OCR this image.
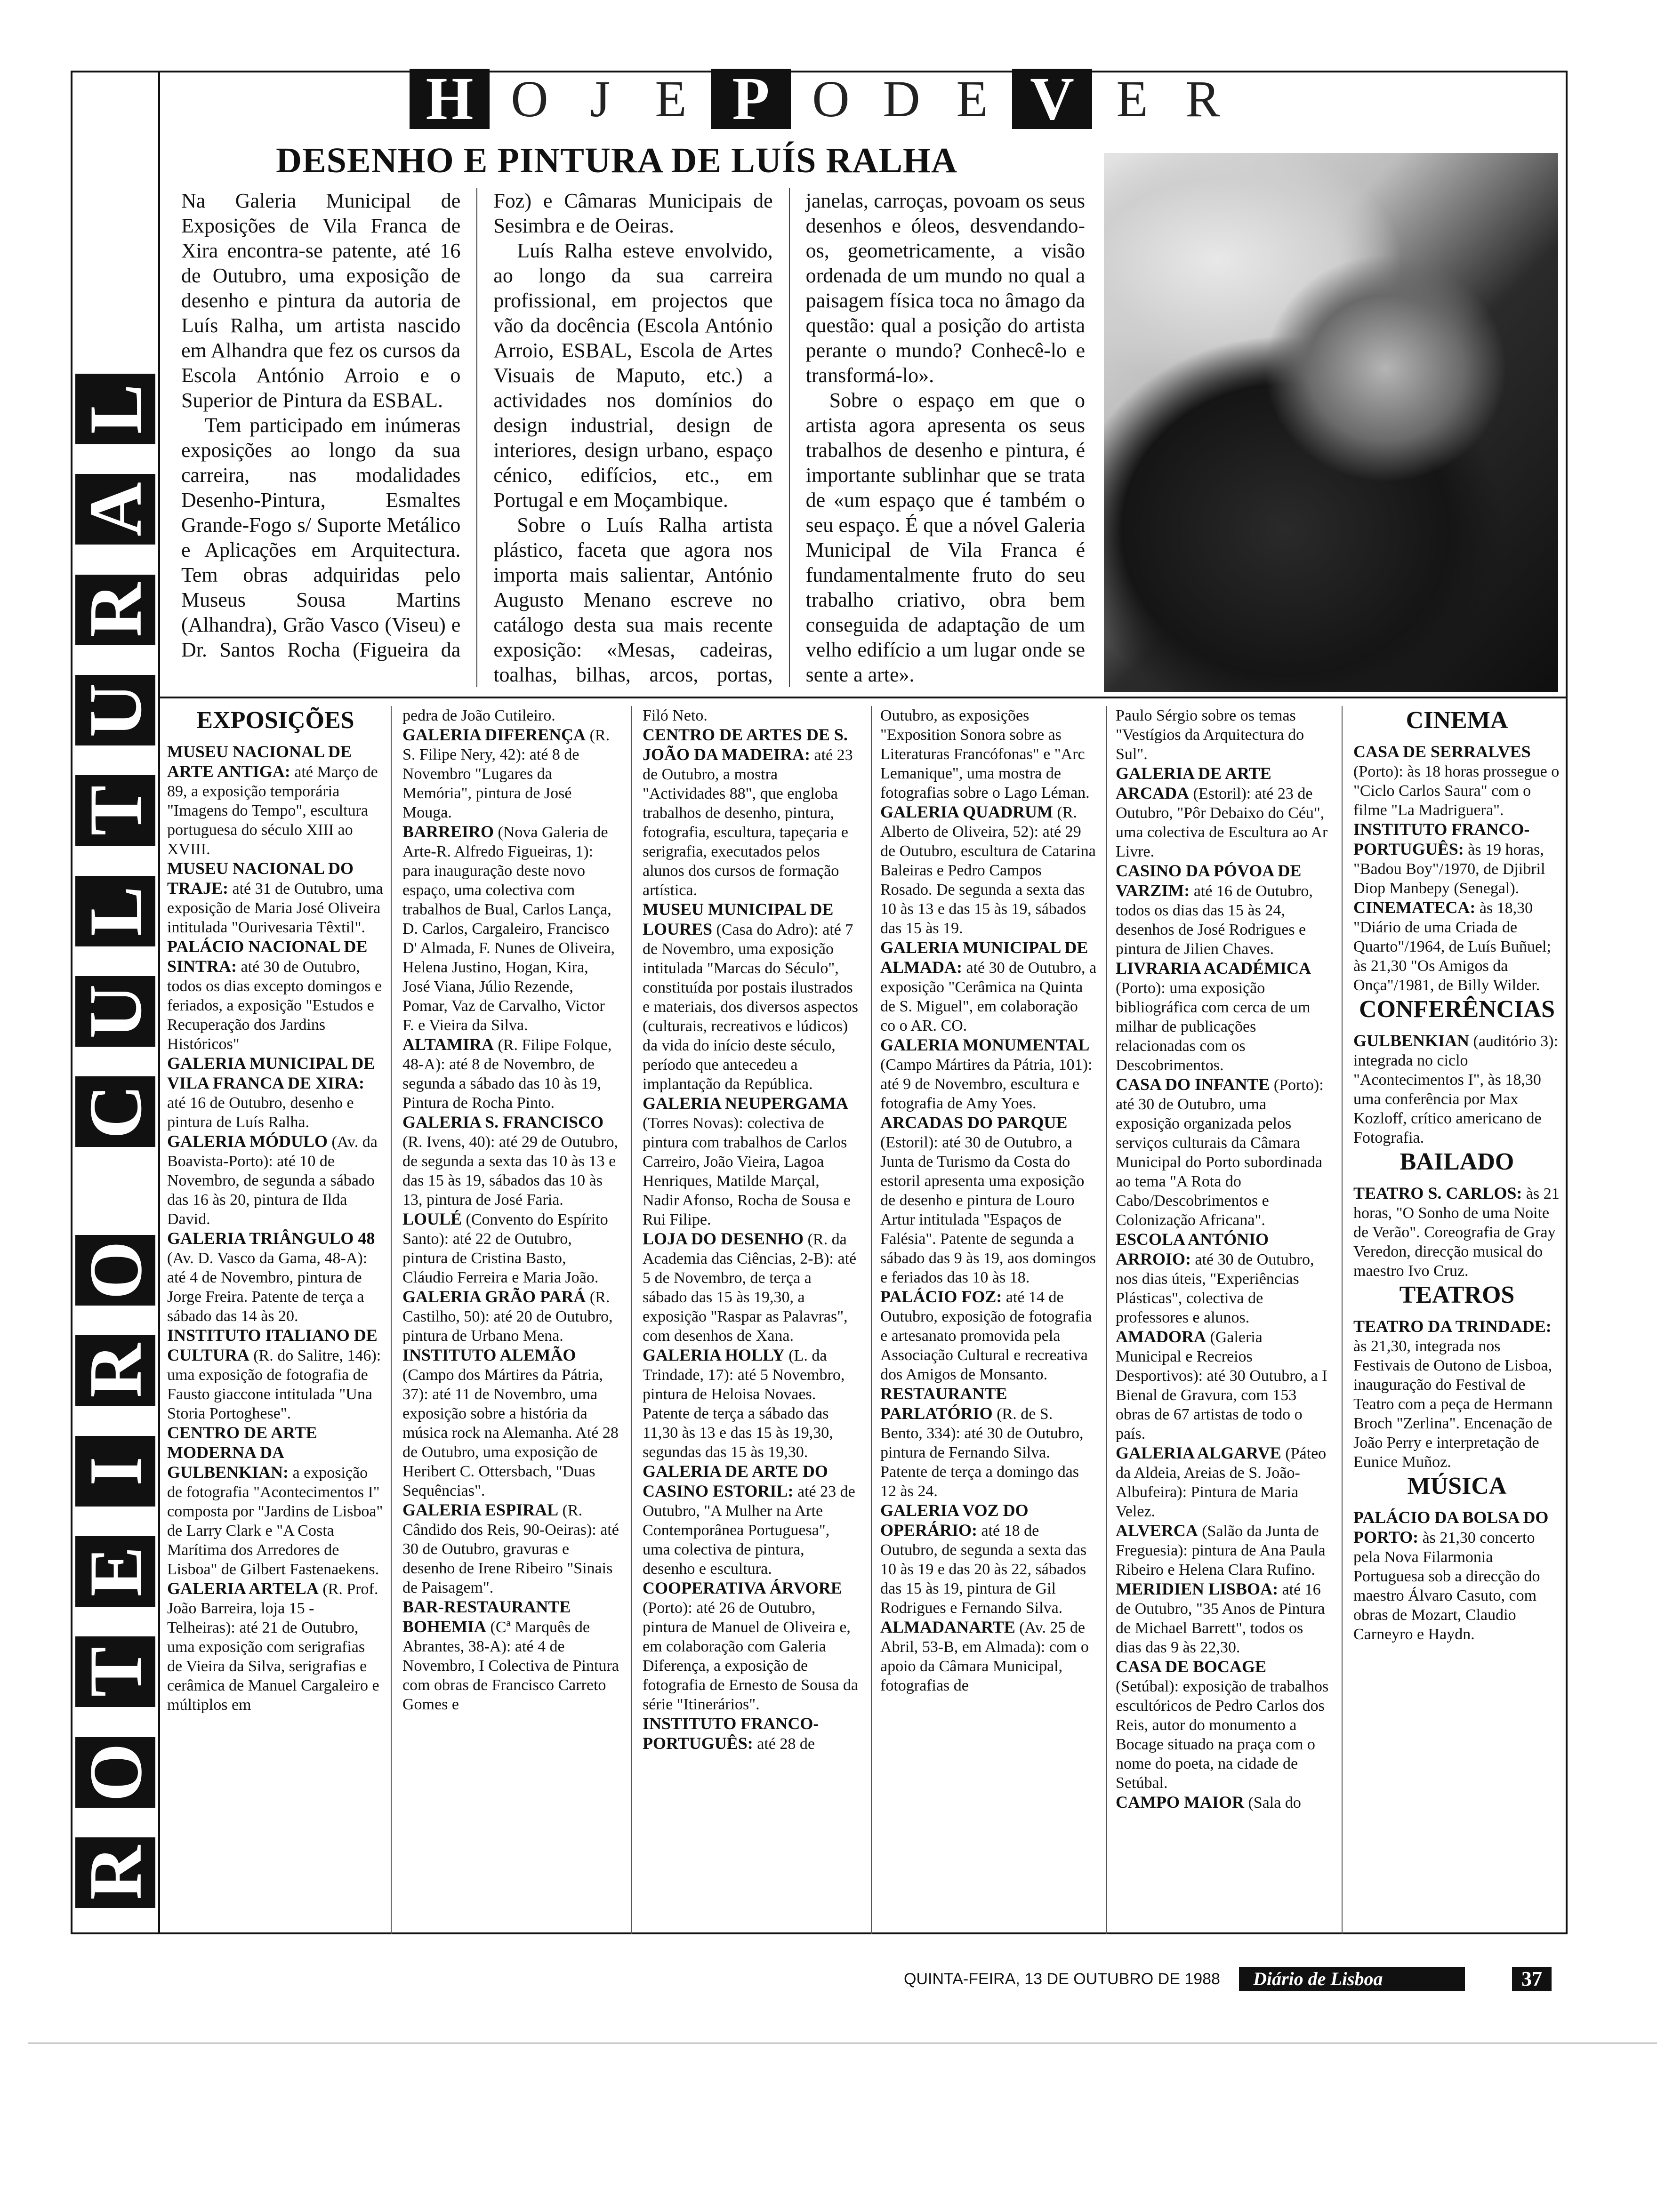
R
O
T
E
I
R
O
C
U
L
T
U
R
A
L
H O J E P O D E V E R
DESENHO E PINTURA DE LUÍS RALHA

Na Galeria Municipal de Exposições de Vila Franca de Xira encontra-se patente, até 16 de Outubro, uma exposição de desenho e pintura da autoria de Luís Ralha, um artista nascido em Alhandra que fez os cursos da Escola António Arroio e o Superior de Pintura da ESBAL.

Tem participado em inúmeras exposições ao longo da sua carreira, nas modalidades Desenho-Pintura, Esmaltes Grande-Fogo s/ Suporte Metálico e Aplicações em Arquitectura. Tem obras adquiridas pelo Museus Sousa Martins (Alhandra), Grão Vasco (Viseu) e Dr. Santos Rocha (Figueira da Foz) e Câmaras Municipais de Sesimbra e de Oeiras.

Luís Ralha esteve envolvido, ao longo da sua carreira profissional, em projectos que vão da docência (Escola António Arroio, ESBAL, Escola de Artes Visuais de Maputo, etc.) a actividades nos domínios do design industrial, design de interiores, design urbano, espaço cénico, edifícios, etc., em Portugal e em Moçambique.

Sobre o Luís Ralha artista plástico, faceta que agora nos importa mais salientar, António Augusto Menano escreve no catálogo desta sua mais recente exposição: «Mesas, cadeiras, toalhas, bilhas, arcos, portas, janelas, carroças, povoam os seus desenhos e óleos, desvendando-os, geometricamente, a visão ordenada de um mundo no qual a paisagem física toca no âmago da questão: qual a posição do artista perante o mundo? Conhecê-lo e transformá-lo».

Sobre o espaço em que o artista agora apresenta os seus trabalhos de desenho e pintura, é importante sublinhar que se trata de «um espaço que é também o seu espaço. É que a nóvel Galeria Municipal de Vila Franca é fundamentalmente fruto do seu trabalho criativo, obra bem conseguida de adaptação de um velho edifício a um lugar onde se sente a arte».

EXPOSIÇÕES

MUSEU NACIONAL DE ARTE ANTIGA: até Março de 89, a exposição temporária "Imagens do Tempo", escultura portuguesa do século XIII ao XVIII.

MUSEU NACIONAL DO TRAJE: até 31 de Outubro, uma exposição de Maria José Oliveira intitulada "Ourivesaria Têxtil".

PALÁCIO NACIONAL DE SINTRA: até 30 de Outubro, todos os dias excepto domingos e feriados, a exposição "Estudos e Recuperação dos Jardins Históricos"

GALERIA MUNICIPAL DE VILA FRANCA DE XIRA: até 16 de Outubro, desenho e pintura de Luís Ralha.

GALERIA MÓDULO (Av. da Boavista-Porto): até 10 de Novembro, de segunda a sábado das 16 às 20, pintura de Ilda David.

GALERIA TRIÂNGULO 48 (Av. D. Vasco da Gama, 48-A): até 4 de Novembro, pintura de Jorge Freira. Patente de terça a sábado das 14 às 20.

INSTITUTO ITALIANO DE CULTURA (R. do Salitre, 146): uma exposição de fotografia de Fausto giaccone intitulada "Una Storia Portoghese".

CENTRO DE ARTE MODERNA DA GULBENKIAN: a exposição de fotografia "Acontecimentos I" composta por "Jardins de Lisboa" de Larry Clark e "A Costa Marítima dos Arredores de Lisboa" de Gilbert Fastenaekens.

GALERIA ARTELA (R. Prof. João Barreira, loja 15 - Telheiras): até 21 de Outubro, uma exposição com serigrafias de Vieira da Silva, serigrafias e cerâmica de Manuel Cargaleiro e múltiplos em

pedra de João Cutileiro.

GALERIA DIFERENÇA (R. S. Filipe Nery, 42): até 8 de Novembro "Lugares da Memória", pintura de José Mouga.

BARREIRO (Nova Galeria de Arte-R. Alfredo Figueiras, 1): para inauguração deste novo espaço, uma colectiva com trabalhos de Bual, Carlos Lança, D. Carlos, Cargaleiro, Francisco D' Almada, F. Nunes de Oliveira, Helena Justino, Hogan, Kira, José Viana, Júlio Rezende, Pomar, Vaz de Carvalho, Victor F. e Vieira da Silva.

ALTAMIRA (R. Filipe Folque, 48-A): até 8 de Novembro, de segunda a sábado das 10 às 19, Pintura de Rocha Pinto.

GALERIA S. FRANCISCO (R. Ivens, 40): até 29 de Outubro, de segunda a sexta das 10 às 13 e das 15 às 19, sábados das 10 às 13, pintura de José Faria.

LOULÉ (Convento do Espírito Santo): até 22 de Outubro, pintura de Cristina Basto, Cláudio Ferreira e Maria João.

GALERIA GRÃO PARÁ (R. Castilho, 50): até 20 de Outubro, pintura de Urbano Mena.

INSTITUTO ALEMÃO (Campo dos Mártires da Pátria, 37): até 11 de Novembro, uma exposição sobre a história da música rock na Alemanha. Até 28 de Outubro, uma exposição de Heribert C. Ottersbach, "Duas Sequências".

GALERIA ESPIRAL (R. Cândido dos Reis, 90-Oeiras): até 30 de Outubro, gravuras e desenho de Irene Ribeiro "Sinais de Paisagem".

BAR-RESTAURANTE BOHEMIA (Cª Marquês de Abrantes, 38-A): até 4 de Novembro, I Colectiva de Pintura com obras de Francisco Carreto Gomes e

Filó Neto.

CENTRO DE ARTES DE S. JOÃO DA MADEIRA: até 23 de Outubro, a mostra "Actividades 88", que engloba trabalhos de desenho, pintura, fotografia, escultura, tapeçaria e serigrafia, executados pelos alunos dos cursos de formação artística.

MUSEU MUNICIPAL DE LOURES (Casa do Adro): até 7 de Novembro, uma exposição intitulada "Marcas do Século", constituída por postais ilustrados e materiais, dos diversos aspectos (culturais, recreativos e lúdicos) da vida do início deste século, período que antecedeu a implantação da República.

GALERIA NEUPERGAMA (Torres Novas): colectiva de pintura com trabalhos de Carlos Carreiro, João Vieira, Lagoa Henriques, Matilde Marçal, Nadir Afonso, Rocha de Sousa e Rui Filipe.

LOJA DO DESENHO (R. da Academia das Ciências, 2-B): até 5 de Novembro, de terça a sábado das 15 às 19,30, a exposição "Raspar as Palavras", com desenhos de Xana.

GALERIA HOLLY (L. da Trindade, 17): até 5 Novembro, pintura de Heloisa Novaes. Patente de terça a sábado das 11,30 às 13 e das 15 às 19,30, segundas das 15 às 19,30.

GALERIA DE ARTE DO CASINO ESTORIL: até 23 de Outubro, "A Mulher na Arte Contemporânea Portuguesa", uma colectiva de pintura, desenho e escultura.

COOPERATIVA ÁRVORE (Porto): até 26 de Outubro, pintura de Manuel de Oliveira e, em colaboração com Galeria Diferença, a exposição de fotografia de Ernesto de Sousa da série "Itinerários".

INSTITUTO FRANCO-PORTUGUÊS: até 28 de

Outubro, as exposições "Exposition Sonora sobre as Literaturas Francófonas" e "Arc Lemanique", uma mostra de fotografias sobre o Lago Léman.

GALERIA QUADRUM (R. Alberto de Oliveira, 52): até 29 de Outubro, escultura de Catarina Baleiras e Pedro Campos Rosado. De segunda a sexta das 10 às 13 e das 15 às 19, sábados das 15 às 19.

GALERIA MUNICIPAL DE ALMADA: até 30 de Outubro, a exposição "Cerâmica na Quinta de S. Miguel", em colaboração co o AR. CO.

GALERIA MONUMENTAL (Campo Mártires da Pátria, 101): até 9 de Novembro, escultura e fotografia de Amy Yoes.

ARCADAS DO PARQUE (Estoril): até 30 de Outubro, a Junta de Turismo da Costa do estoril apresenta uma exposição de desenho e pintura de Louro Artur intitulada "Espaços de Falésia". Patente de segunda a sábado das 9 às 19, aos domingos e feriados das 10 às 18.

PALÁCIO FOZ: até 14 de Outubro, exposição de fotografia e artesanato promovida pela Associação Cultural e recreativa dos Amigos de Monsanto.

RESTAURANTE PARLATÓRIO (R. de S. Bento, 334): até 30 de Outubro, pintura de Fernando Silva. Patente de terça a domingo das 12 às 24.

GALERIA VOZ DO OPERÁRIO: até 18 de Outubro, de segunda a sexta das 10 às 19 e das 20 às 22, sábados das 15 às 19, pintura de Gil Rodrigues e Fernando Silva.

ALMADANARTE (Av. 25 de Abril, 53-B, em Almada): com o apoio da Câmara Municipal, fotografias de

Paulo Sérgio sobre os temas "Vestígios da Arquitectura do Sul".

GALERIA DE ARTE ARCADA (Estoril): até 23 de Outubro, "Pôr Debaixo do Céu", uma colectiva de Escultura ao Ar Livre.

CASINO DA PÓVOA DE VARZIM: até 16 de Outubro, todos os dias das 15 às 24, desenhos de José Rodrigues e pintura de Jilien Chaves.

LIVRARIA ACADÉMICA (Porto): uma exposição bibliográfica com cerca de um milhar de publicações relacionadas com os Descobrimentos.

CASA DO INFANTE (Porto): até 30 de Outubro, uma exposição organizada pelos serviços culturais da Câmara Municipal do Porto subordinada ao tema "A Rota do Cabo/Descobrimentos e Colonização Africana".

ESCOLA ANTÓNIO ARROIO: até 30 de Outubro, nos dias úteis, "Experiências Plásticas", colectiva de professores e alunos.

AMADORA (Galeria Municipal e Recreios Desportivos): até 30 Outubro, a I Bienal de Gravura, com 153 obras de 67 artistas de todo o país.

GALERIA ALGARVE (Páteo da Aldeia, Areias de S. João-Albufeira): Pintura de Maria Velez.

ALVERCA (Salão da Junta de Freguesia): pintura de Ana Paula Ribeiro e Helena Clara Rufino.

MERIDIEN LISBOA: até 16 de Outubro, "35 Anos de Pintura de Michael Barrett", todos os dias das 9 às 22,30.

CASA DE BOCAGE (Setúbal): exposição de trabalhos escultóricos de Pedro Carlos dos Reis, autor do monumento a Bocage situado na praça com o nome do poeta, na cidade de Setúbal.

CAMPO MAIOR (Sala do

CINEMA

CASA DE SERRALVES (Porto): às 18 horas prossegue o "Ciclo Carlos Saura" com o filme "La Madriguera".

INSTITUTO FRANCO-PORTUGUÊS: às 19 horas, "Badou Boy"/1970, de Djibril Diop Manbepy (Senegal).

CINEMATECA: às 18,30 "Diário de uma Criada de Quarto"/1964, de Luís Buñuel; às 21,30 "Os Amigos da Onça"/1981, de Billy Wilder.

CONFERÊNCIAS

GULBENKIAN (auditório 3): integrada no ciclo "Acontecimentos I", às 18,30 uma conferência por Max Kozloff, crítico americano de Fotografia.

BAILADO

TEATRO S. CARLOS: às 21 horas, "O Sonho de uma Noite de Verão". Coreografia de Gray Veredon, direcção musical do maestro Ivo Cruz.

TEATROS

TEATRO DA TRINDADE: às 21,30, integrada nos Festivais de Outono de Lisboa, inauguração do Festival de Teatro com a peça de Hermann Broch "Zerlina". Encenação de João Perry e interpretação de Eunice Muñoz.

MÚSICA

PALÁCIO DA BOLSA DO PORTO: às 21,30 concerto pela Nova Filarmonia Portuguesa sob a direcção do maestro Álvaro Casuto, com obras de Mozart, Claudio Carneyro e Haydn.

QUINTA-FEIRA, 13 DE OUTUBRO DE 1988	Diário de Lisboa	37
